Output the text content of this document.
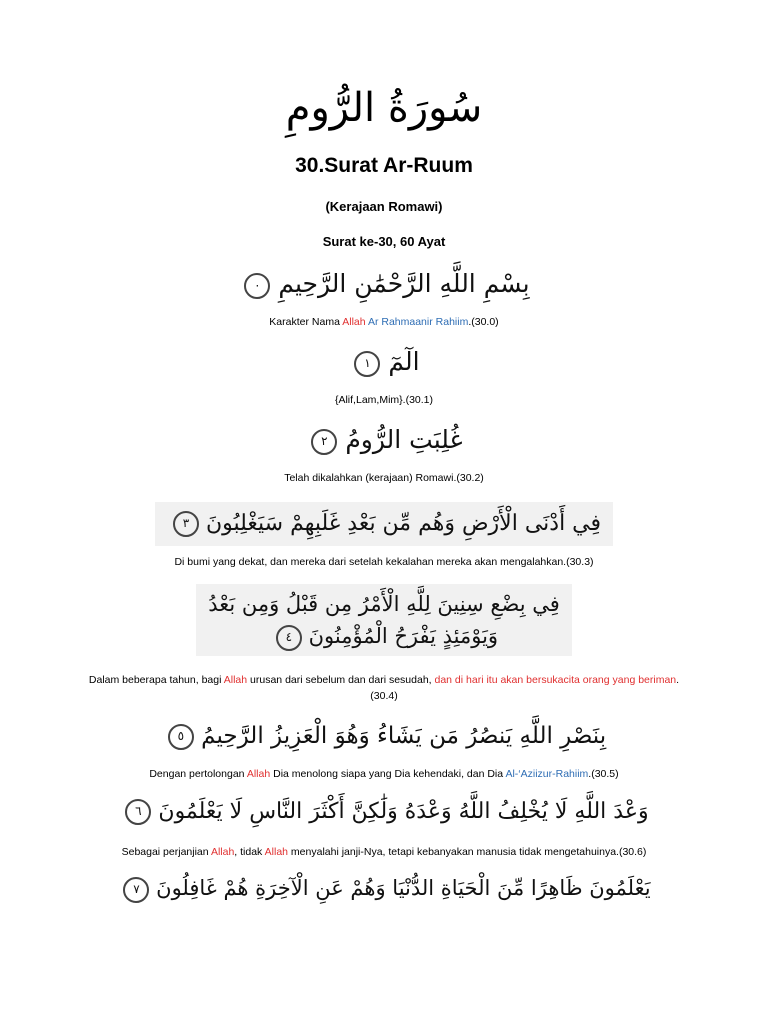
سُورَةُ الرُّومِ
30.Surat Ar-Ruum
(Kerajaan Romawi)
Surat ke-30, 60 Ayat
بِسْمِ اللَّهِ الرَّحْمَٰنِ الرَّحِيمِ ٠
Karakter Nama Allah Ar Rahmaanir Rahiim.(30.0)
الٓمٓ ١
{Alif,Lam,Mim}.(30.1)
غُلِبَتِ الرُّومُ ٢
Telah dikalahkan (kerajaan) Romawi.(30.2)
فِي أَدْنَى الْأَرْضِ وَهُم مِّن بَعْدِ غَلَبِهِمْ سَيَغْلِبُونَ ٣
Di bumi yang dekat, dan mereka dari setelah kekalahan mereka akan mengalahkan.(30.3)
فِي بِضْعِ سِنِينَ لِلَّهِ الْأَمْرُ مِن قَبْلُ وَمِن بَعْدُ
وَيَوْمَئِذٍ يَفْرَحُ الْمُؤْمِنُونَ ٤
Dalam beberapa tahun, bagi Allah urusan dari sebelum dan dari sesudah, dan di hari itu akan bersukacita orang yang beriman.
(30.4)
بِنَصْرِ اللَّهِ يَنصُرُ مَن يَشَاءُ وَهُوَ الْعَزِيزُ الرَّحِيمُ ٥
Dengan pertolongan Allah Dia menolong siapa yang Dia kehendaki, dan Dia Al-‘Aziizur-Rahiim.(30.5)
وَعْدَ اللَّهِ لَا يُخْلِفُ اللَّهُ وَعْدَهُ وَلَٰكِنَّ أَكْثَرَ النَّاسِ لَا يَعْلَمُونَ ٦
Sebagai perjanjian Allah, tidak Allah menyalahi janji-Nya, tetapi kebanyakan manusia tidak mengetahuinya.(30.6)
يَعْلَمُونَ ظَاهِرًا مِّنَ الْحَيَاةِ الدُّنْيَا وَهُمْ عَنِ الْآخِرَةِ هُمْ غَافِلُونَ ٧
